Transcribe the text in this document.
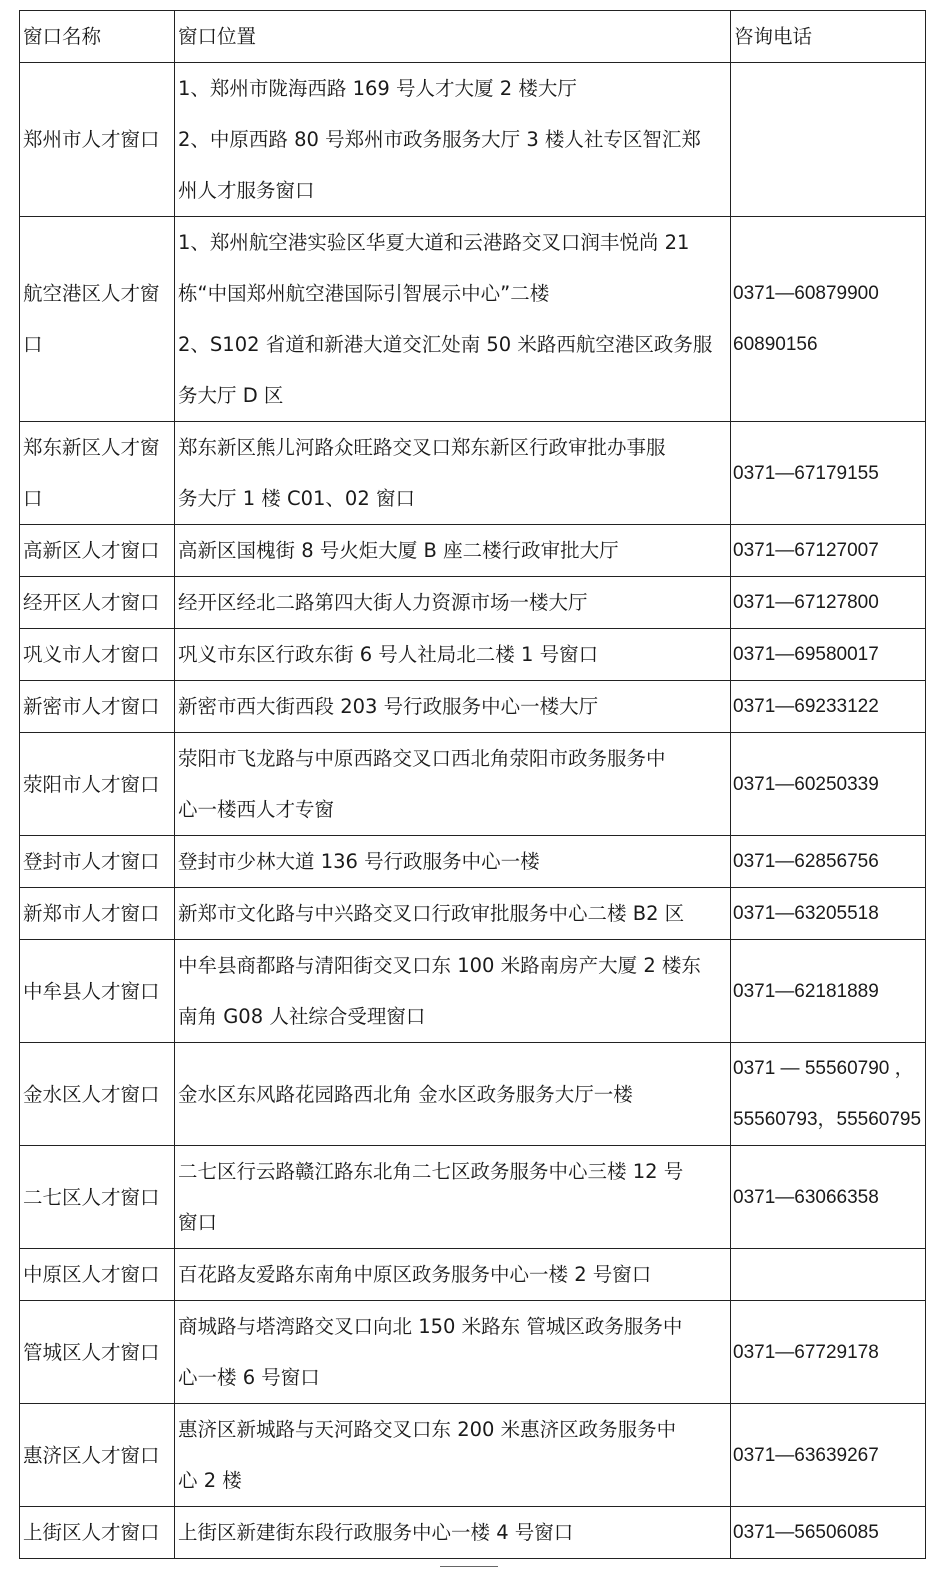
窗口名称	窗口位置	咨询电话

郑州市人才窗口	1、郑州市陇海西路 169 号人才大厦 2 楼大厅
2、中原西路 80 号郑州市政务服务大厅 3 楼人社专区智汇郑
州人才服务窗口	

航空港区人才窗
口	1、郑州航空港实验区华夏大道和云港路交叉口润丰悦尚 21
栋“中国郑州航空港国际引智展示中心”二楼
2、S102 省道和新港大道交汇处南 50 米路西航空港区政务服
务大厅 D 区	0371—60879900
60890156

郑东新区人才窗
口	郑东新区熊儿河路众旺路交叉口郑东新区行政审批办事服
务大厅 1 楼 C01、02 窗口	0371—67179155

高新区人才窗口	高新区国槐街 8 号火炬大厦 B 座二楼行政审批大厅	0371—67127007

经开区人才窗口	经开区经北二路第四大街人力资源市场一楼大厅	0371—67127800

巩义市人才窗口	巩义市东区行政东街 6 号人社局北二楼 1 号窗口	0371—69580017

新密市人才窗口	新密市西大街西段 203 号行政服务中心一楼大厅	0371—69233122

荥阳市人才窗口	荥阳市飞龙路与中原西路交叉口西北角荥阳市政务服务中
心一楼西人才专窗	0371—60250339

登封市人才窗口	登封市少林大道 136 号行政服务中心一楼	0371—62856756

新郑市人才窗口	新郑市文化路与中兴路交叉口行政审批服务中心二楼 B2 区	0371—63205518

中牟县人才窗口	中牟县商都路与清阳街交叉口东 100 米路南房产大厦 2 楼东
南角 G08 人社综合受理窗口	0371—62181889

金水区人才窗口	金水区东风路花园路西北角 金水区政务服务大厅一楼	0371 — 55560790 ，
55560793，55560795

二七区人才窗口	二七区行云路赣江路东北角二七区政务服务中心三楼 12 号
窗口	0371—63066358

中原区人才窗口	百花路友爱路东南角中原区政务服务中心一楼 2 号窗口	

管城区人才窗口	商城路与塔湾路交叉口向北 150 米路东 管城区政务服务中
心一楼 6 号窗口	0371—67729178

惠济区人才窗口	惠济区新城路与天河路交叉口东 200 米惠济区政务服务中
心 2 楼	0371—63639267

上街区人才窗口	上街区新建街东段行政服务中心一楼 4 号窗口	0371—56506085
